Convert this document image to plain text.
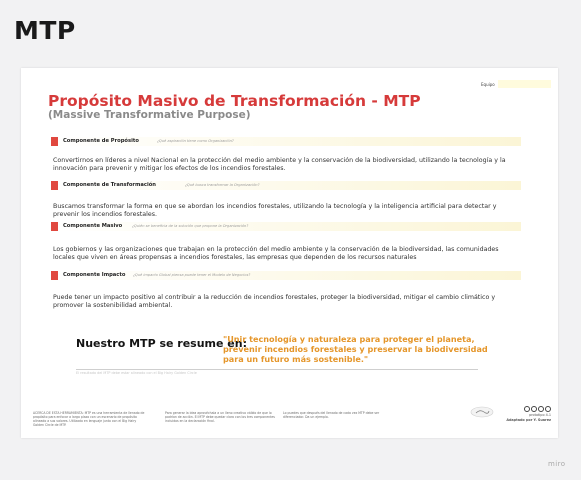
MTP
Equipo
Propósito Masivo de Transformación - MTP
(Massive Transformative Purpose)
Componente de Propósito	¿Qué aspiración tiene como Organización?
Convertirnos en líderes a nivel Nacional en la protección del medio ambiente y la conservación de la biodiversidad, utilizando la tecnología y la innovación para prevenir y mitigar los efectos de los incendios forestales.
Componente de Transformación	¿Qué busca transformar la Organización?
Buscamos transformar la forma en que se abordan los incendios forestales, utilizando la tecnología y la inteligencia artificial para detectar y prevenir los incendios forestales.
Componente Masivo	¿Quién se beneficia de la solución que propone la Organización?
Los gobiernos y las organizaciones que trabajan en la protección del medio ambiente y la conservación de la biodiversidad, las comunidades locales que viven en áreas propensas a incendios forestales, las empresas que dependen de los recursos naturales
Componente Impacto ¿Qué impacto Global piensa puede tener el Modelo de Negocios?
Puede tener un impacto positivo al contribuir a la reducción de incendios forestales, proteger la biodiversidad, mitigar el cambio climático y promover la sostenibilidad ambiental.
Nuestro MTP se resume en:
"Unir tecnología y naturaleza para proteger el planeta, prevenir incendios forestales y preservar la biodiversidad para un futuro más sostenible."
El resultado del MTP debe estar alineado con el Big Hairy Golden Circle
ACERCA DE ESTA HERRAMIENTA: MTP es una herramienta de llenado de propósito para enfocar a largo plazo con un escenario de propósito alineado a sus valores. Utilizado en lenguaje junto con el Big Hairy Golden Circle de MTP.
Para generar la idea aprovéchala a un lleno creativo válido de que lo podrían de acción. El MTP debe quedar claro con los tres componentes incluidos en la declaración final.
Lo puedes que después del llenado de cada vez MTP debe ser diferenciador. Da un ejemplo.	prototipo 4.1
Adaptado por Y. Suarez
miro
